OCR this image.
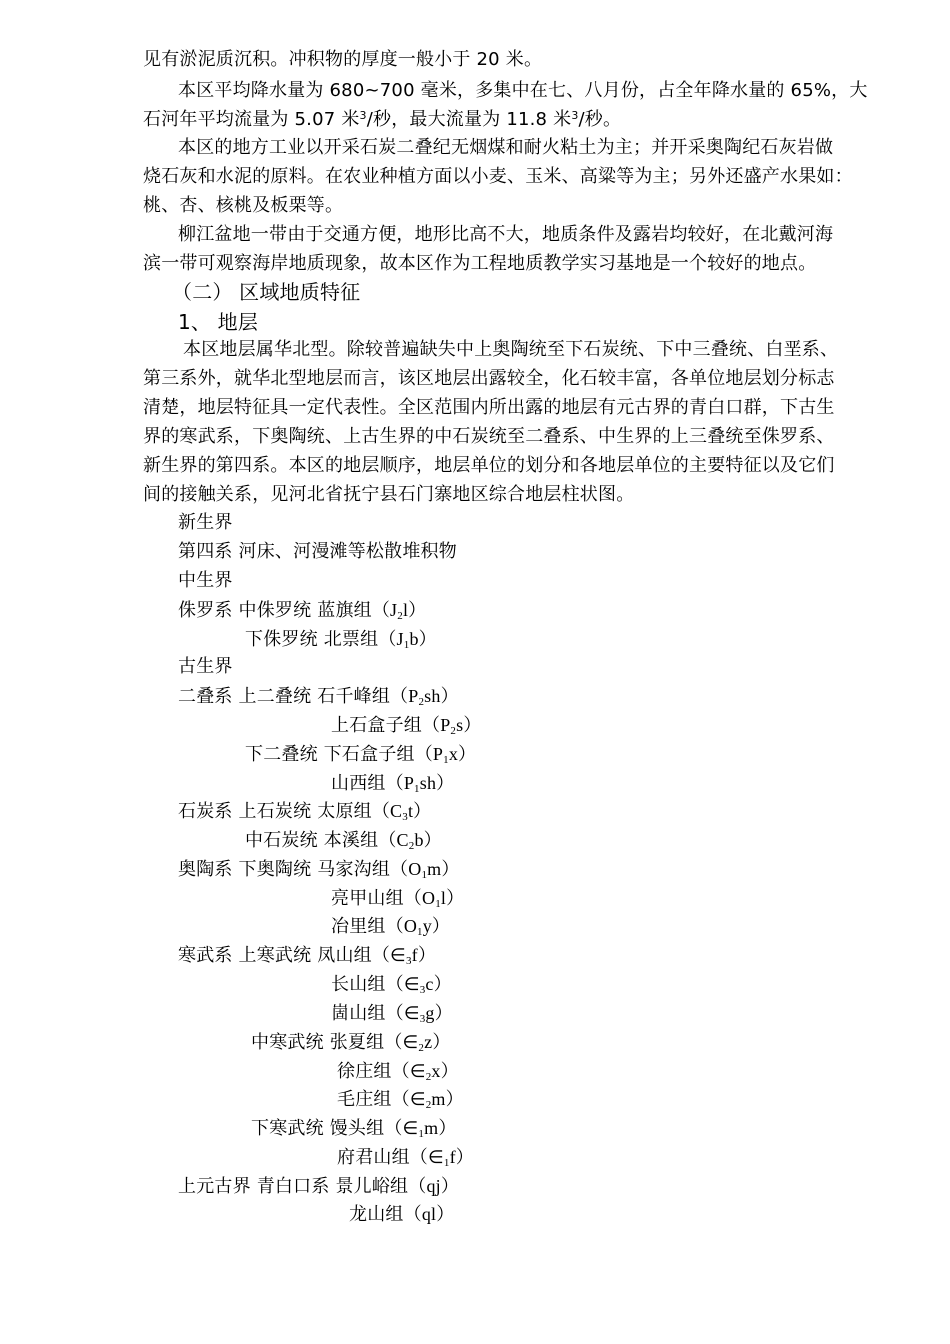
见有淤泥质沉积。冲积物的厚度一般小于 20 米。
本区平均降水量为 680~700 毫米，多集中在七、八月份，占全年降水量的 65%，大
石河年平均流量为 5.07 米$^3$/秒，最大流量为 11.8 米$^3$/秒。
本区的地方工业以开采石炭二叠纪无烟煤和耐火粘土为主；并开采奥陶纪石灰岩做
烧石灰和水泥的原料。在农业种植方面以小麦、玉米、高粱等为主；另外还盛产水果如：
桃、杏、核桃及板栗等。
柳江盆地一带由于交通方便，地形比高不大，地质条件及露岩均较好，在北戴河海
滨一带可观察海岸地质现象，故本区作为工程地质教学实习基地是一个较好的地点。
（二） 区域地质特征
1、 地层
本区地层属华北型。除较普遍缺失中上奥陶统至下石炭统、下中三叠统、白垩系、
第三系外，就华北型地层而言，该区地层出露较全，化石较丰富，各单位地层划分标志
清楚，地层特征具一定代表性。全区范围内所出露的地层有元古界的青白口群，下古生
界的寒武系，下奥陶统、上古生界的中石炭统至二叠系、中生界的上三叠统至侏罗系、
新生界的第四系。本区的地层顺序，地层单位的划分和各地层单位的主要特征以及它们
间的接触关系，见河北省抚宁县石门寨地区综合地层柱状图。
新生界
第四系 河床、河漫滩等松散堆积物
中生界
侏罗系 中侏罗统 蓝旗组$(J_2l)$
下侏罗统 北票组$(J_1b)$
古生界
二叠系 上二叠统 石千峰组$(P_2sh)$
上石盒子组$(P_2s)$
下二叠统 下石盒子组$(P_1x)$
山西组$(P_1sh)$
石炭系 上石炭统 太原组$(C_3t)$
中石炭统 本溪组$(C_2b)$
奥陶系 下奥陶统 马家沟组$(O_1m)$
亮甲山组$(O_1l)$
冶里组$(O_1y)$
寒武系 上寒武统 凤山组$(\in_3f)$
长山组$(\in_3c)$
崮山组$(\in_3g)$
中寒武统 张夏组$(\in_2z)$
徐庄组$(\in_2x)$
毛庄组$(\in_2m)$
下寒武统 馒头组$(\in_1m)$
府君山组$(\in_1f)$
上元古界 青白口系 景儿峪组（qj）
龙山组（ql）
